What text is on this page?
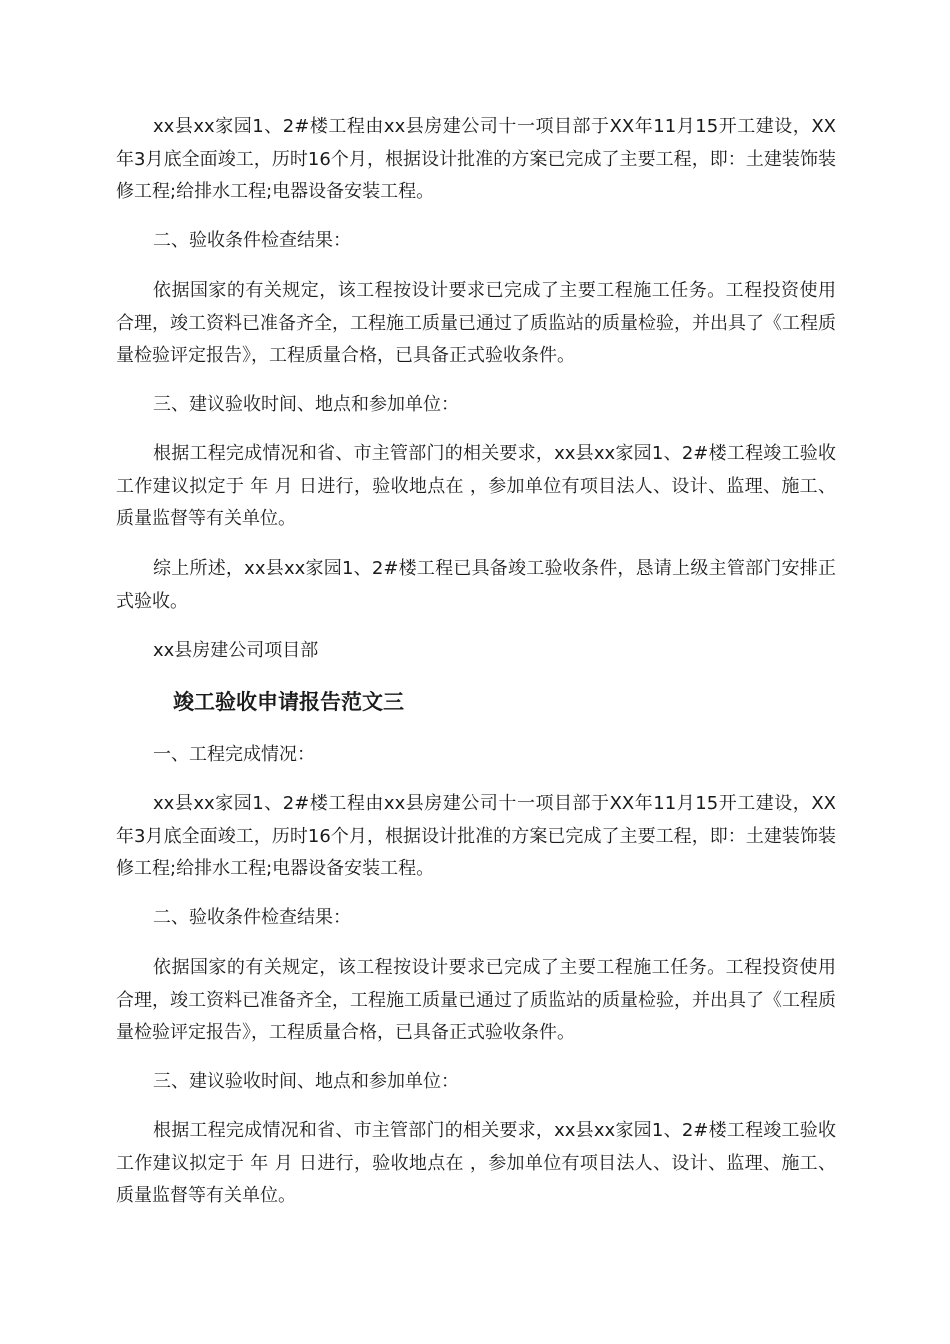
xx县xx家园1、2#楼工程由xx县房建公司十一项目部于XX年11月15开工建设，XX年3月底全面竣工，历时16个月，根据设计批准的方案已完成了主要工程，即：土建装饰装修工程;给排水工程;电器设备安装工程。

二、验收条件检查结果：

依据国家的有关规定，该工程按设计要求已完成了主要工程施工任务。工程投资使用合理，竣工资料已准备齐全，工程施工质量已通过了质监站的质量检验，并出具了《工程质量检验评定报告》，工程质量合格，已具备正式验收条件。

三、建议验收时间、地点和参加单位：

根据工程完成情况和省、市主管部门的相关要求，xx县xx家园1、2#楼工程竣工验收工作建议拟定于 年 月 日进行，验收地点在 ，参加单位有项目法人、设计、监理、施工、质量监督等有关单位。

综上所述，xx县xx家园1、2#楼工程已具备竣工验收条件，恳请上级主管部门安排正式验收。

xx县房建公司项目部

竣工验收申请报告范文三

一、工程完成情况：

xx县xx家园1、2#楼工程由xx县房建公司十一项目部于XX年11月15开工建设，XX年3月底全面竣工，历时16个月，根据设计批准的方案已完成了主要工程，即：土建装饰装修工程;给排水工程;电器设备安装工程。

二、验收条件检查结果：

依据国家的有关规定，该工程按设计要求已完成了主要工程施工任务。工程投资使用合理，竣工资料已准备齐全，工程施工质量已通过了质监站的质量检验，并出具了《工程质量检验评定报告》，工程质量合格，已具备正式验收条件。

三、建议验收时间、地点和参加单位：

根据工程完成情况和省、市主管部门的相关要求，xx县xx家园1、2#楼工程竣工验收工作建议拟定于 年 月 日进行，验收地点在 ，参加单位有项目法人、设计、监理、施工、质量监督等有关单位。
